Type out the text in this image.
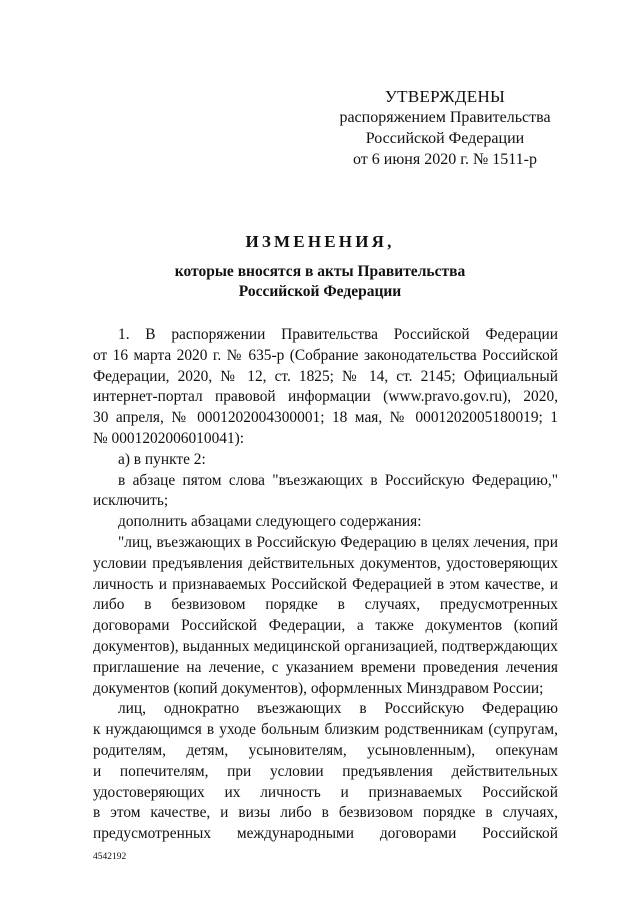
УТВЕРЖДЕНЫ
распоряжением Правительства
Российской Федерации
от 6 июня 2020 г. № 1511-р
ИЗМЕНЕНИЯ,
которые вносятся в акты Правительства
Российской Федерации
1. В распоряжении Правительства Российской Федерации
от 16 марта 2020 г. № 635-р (Собрание законодательства Российской
Федерации, 2020, № 12, ст. 1825; № 14, ст. 2145; Официальный
интернет-портал правовой информации (www.pravo.gov.ru), 2020,
30 апреля, № 0001202004300001; 18 мая, № 0001202005180019; 1
№ 0001202006010041):
а) в пункте 2:
в абзаце пятом слова "въезжающих в Российскую Федерацию,"
исключить;
дополнить абзацами следующего содержания:
"лиц, въезжающих в Российскую Федерацию в целях лечения, при
условии предъявления действительных документов, удостоверяющих
личность и признаваемых Российской Федерацией в этом качестве, и
либо в безвизовом порядке в случаях, предусмотренных
договорами Российской Федерации, а также документов (копий
документов), выданных медицинской организацией, подтверждающих
приглашение на лечение, с указанием времени проведения лечения
документов (копий документов), оформленных Минздравом России;
лиц, однократно въезжающих в Российскую Федерацию
к нуждающимся в уходе больным близким родственникам (супругам,
родителям, детям, усыновителям, усыновленным), опекунам
и попечителям, при условии предъявления действительных
удостоверяющих их личность и признаваемых Российской
в этом качестве, и визы либо в безвизовом порядке в случаях,
предусмотренных международными договорами Российской
4542192
